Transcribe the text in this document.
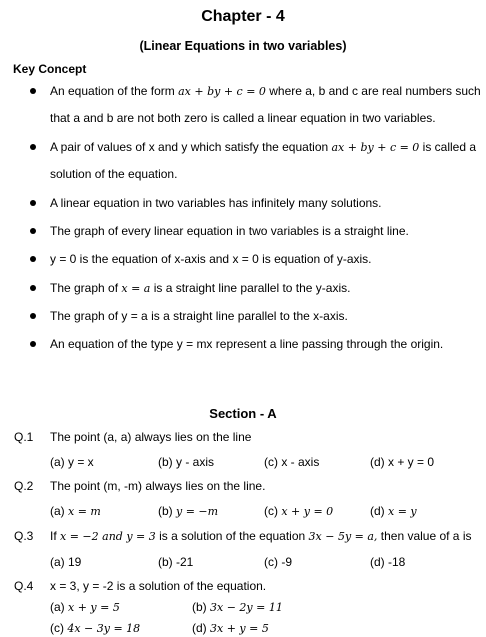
Chapter - 4
(Linear Equations in two variables)
Key Concept
An equation of the form ax + by + c = 0 where a, b and c are real numbers such
that a and b are not both zero is called a linear equation in two variables.
A pair of values of x and y which satisfy the equation ax + by + c = 0 is called a
solution of the equation.
A linear equation in two variables has infinitely many solutions.
The graph of every linear equation in two variables is a straight line.
y = 0 is the equation of x-axis and x = 0 is equation of y-axis.
The graph of x = a is a straight line parallel to the y-axis.
The graph of y = a is a straight line parallel to the x-axis.
An equation of the type y = mx represent a line passing through the origin.
Section - A
Q.1 The point (a, a) always lies on the line
(a) y = x	(b) y - axis	(c) x - axis	(d) x + y = 0
Q.2 The point (m, -m) always lies on the line.
(a) x = m	(b) y = −m	(c) x + y = 0	(d) x = y
Q.3 If x = −2 and y = 3 is a solution of the equation 3x − 5y = a, then value of a is
(a) 19	(b) -21	(c) -9	(d) -18
Q.4 x = 3, y = -2 is a solution of the equation.
(a) x + y = 5	(b) 3x − 2y = 11
(c) 4x − 3y = 18	(d) 3x + y = 5
